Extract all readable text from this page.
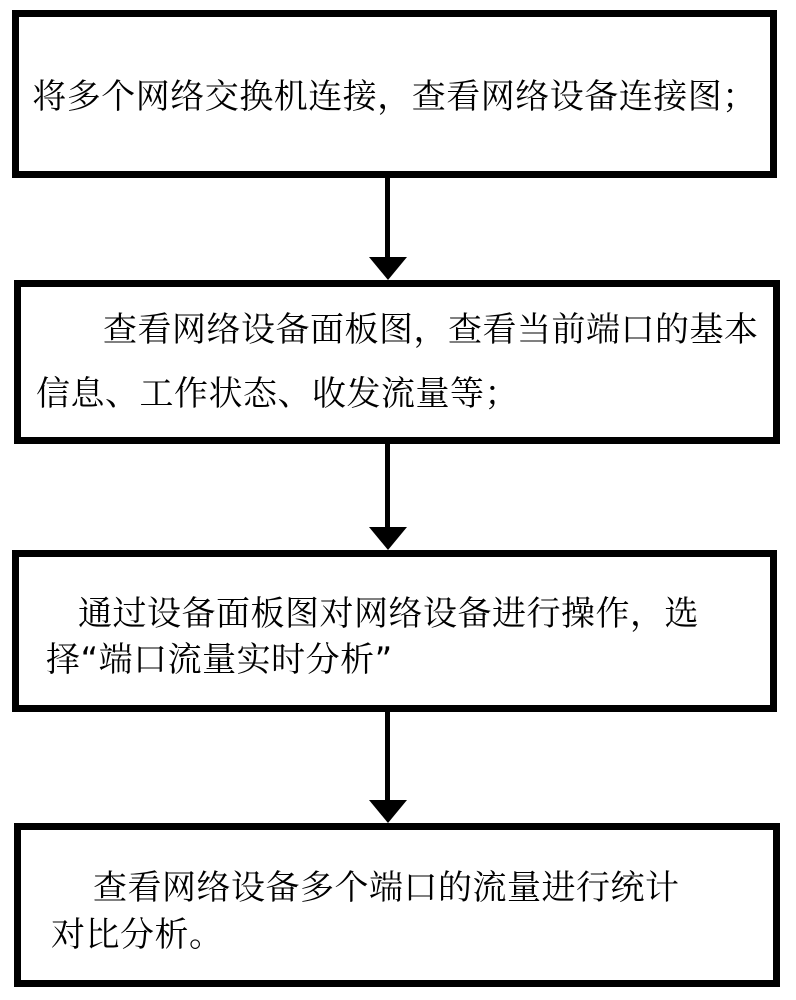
将多个网络交换机连接，查看网络设备连接图；
查看网络设备面板图，查看当前端口的基本
信息、工作状态、收发流量等；
通过设备面板图对网络设备进行操作，选
择“端口流量实时分析”
查看网络设备多个端口的流量进行统计
对比分析。
